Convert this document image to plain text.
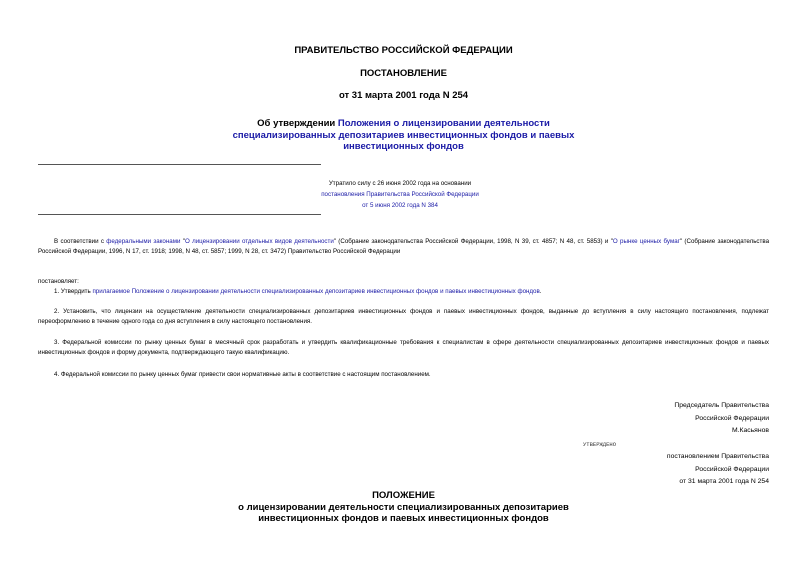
ПРАВИТЕЛЬСТВО РОССИЙСКОЙ ФЕДЕРАЦИИ
ПОСТАНОВЛЕНИЕ
от 31 марта 2001 года N 254
Об утверждении Положения о лицензировании деятельности
специализированных депозитариев инвестиционных фондов и паевых
инвестиционных фондов
Утратило силу с 26 июня 2002 года на основании
постановления Правительства Российской Федерации
от 5 июня 2002 года N 384
В соответствии с федеральными законами "О лицензировании отдельных видов деятельности" (Собрание законодательства Российской Федерации, 1998, N 39, ст. 4857; N 48, ст. 5853) и "О рынке ценных бумаг" (Собрание законодательства Российской Федерации, 1996, N 17, ст. 1918; 1998, N 48, ст. 5857; 1999, N 28, ст. 3472) Правительство Российской Федерации
постановляет:
1. Утвердить прилагаемое Положение о лицензировании деятельности специализированных депозитариев инвестиционных фондов и паевых инвестиционных фондов.
2. Установить, что лицензии на осуществление деятельности специализированных депозитариев инвестиционных фондов и паевых инвестиционных фондов, выданные до вступления в силу настоящего постановления, подлежат переоформлению в течение одного года со дня вступления в силу настоящего постановления.
3. Федеральной комиссии по рынку ценных бумаг в месячный срок разработать и утвердить квалификационные требования к специалистам в сфере деятельности специализированных депозитариев инвестиционных фондов и паевых инвестиционных фондов и форму документа, подтверждающего такую квалификацию.
4. Федеральной комиссии по рынку ценных бумаг привести свои нормативные акты в соответствие с настоящим постановлением.
Председатель Правительства
Российской Федерации
М.Касьянов
УТВЕРЖДЕНО
постановлением Правительства
Российской Федерации
от 31 марта 2001 года N 254
ПОЛОЖЕНИЕ
о лицензировании деятельности специализированных депозитариев
инвестиционных фондов и паевых инвестиционных фондов
